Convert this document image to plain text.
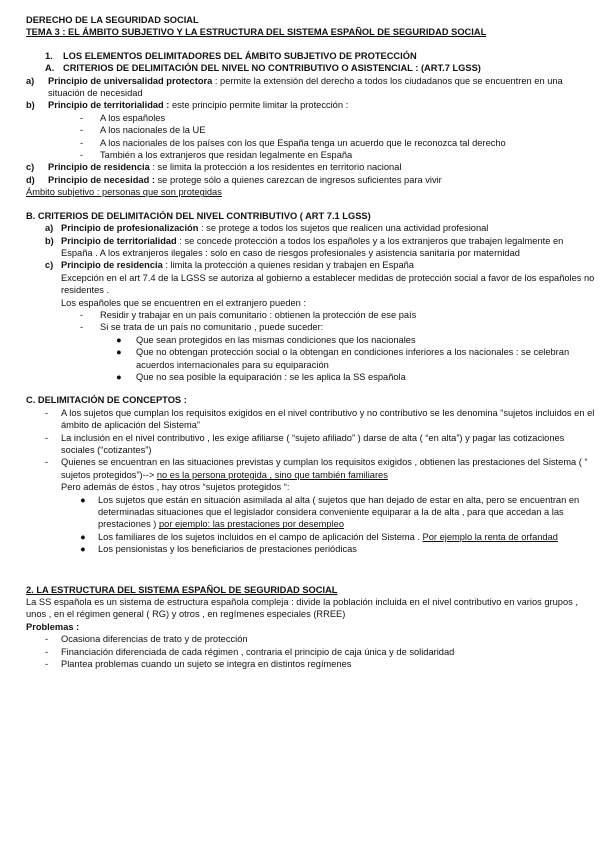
DERECHO DE LA SEGURIDAD SOCIAL
TEMA 3 : EL ÁMBITO SUBJETIVO Y LA ESTRUCTURA DEL SISTEMA ESPAÑOL DE SEGURIDAD SOCIAL
1.	LOS ELEMENTOS DELIMITADORES DEL ÁMBITO SUBJETIVO DE PROTECCIÓN
A. CRITERIOS DE DELIMITACIÓN DEL NIVEL NO CONTRIBUTIVO O ASISTENCIAL : (ART.7 LGSS)
a)	Principio de universalidad protectora : permite la extensión del derecho a todos los ciudadanos que se encuentren en una situación de necesidad
b)	Principio de territorialidad : este principio permite limitar la protección :
-	A los españoles
-	A los nacionales de la UE
-	A los nacionales de los países con los que España tenga un acuerdo que le reconozca tal derecho
-	También a los extranjeros que residan legalmente en España
c)	Principio de residencia : se limita la protección a los residentes en territorio nacional
d)	Principio de necesidad : se protege sólo a quienes carezcan de ingresos suficientes para vivir
Ámbito subjetivo : personas que son protegidas
B. CRITERIOS DE DELIMITACIÓN DEL NIVEL CONTRIBUTIVO ( ART 7.1 LGSS)
a) Principio de profesionalización : se protege a todos los sujetos que realicen una actividad profesional
b) Principio de territorialidad : se concede protección a todos los españoles y a los extranjeros que trabajen legalmente en España . A los extranjeros ilegales : solo en caso de riesgos profesionales y asistencia sanitaria por maternidad
c) Principio de residencia : limita la protección a quienes residan y trabajen en España
Excepción en el art 7.4 de la LGSS se autoriza al gobierno a establecer medidas de protección social a favor de los españoles no residentes .
Los españoles que se encuentren en el extranjero pueden :
-	Residir y trabajar en un país comunitario : obtienen la protección de ese país
-	Si se trata de un país no comunitario , puede suceder:
●	Que sean protegidos en las mismas condiciones que los nacionales
●	Que no obtengan protección social o la obtengan en condiciones inferiores a los nacionales : se celebran acuerdos internacionales para su equiparación
●	Que no sea posible la equiparación : se les aplica la SS española
C. DELIMITACIÓN DE CONCEPTOS :
-	A los sujetos que cumplan los requisitos exigidos en el nivel contributivo y no contributivo se les denomina “sujetos incluidos en el ámbito de aplicación del Sistema”
-	La inclusión en el nivel contributivo , les exige afiliarse ( “sujeto afiliado” ) darse de alta ( “en alta”) y pagar las cotizaciones sociales (“cotizantes”)
-	Quienes se encuentran en las situaciones previstas y cumplan los requisitos exigidos , obtienen las prestaciones del Sistema ( “ sujetos protegidos”)--> no es la persona protegida , sino que también familiares
Pero además de éstos , hay otros “sujetos protegidos “:
●	Los sujetos que están en situación asimilada al alta ( sujetos que han dejado de estar en alta, pero se encuentran en determinadas situaciones que el legislador considera conveniente equiparar a la de alta , para que accedan a las prestaciones ) por ejemplo: las prestaciones por desempleo
●	Los familiares de los sujetos incluidos en el campo de aplicación del Sistema . Por ejemplo la renta de orfandad
●	Los pensionistas y los beneficiarios de prestaciones periódicas
2. LA ESTRUCTURA DEL SISTEMA ESPAÑOL DE SEGURIDAD SOCIAL
La SS española es un sistema de estructura española compleja : divide la población incluida en el nivel contributivo en varios grupos , unos , en el régimen general ( RG) y otros , en regímenes especiales (RREE)
Problemas :
-	Ocasiona diferencias de trato y de protección
-	Financiación diferenciada de cada régimen , contraria el principio de caja única y de solidaridad
-	Plantea problemas cuando un sujeto se integra en distintos regímenes
